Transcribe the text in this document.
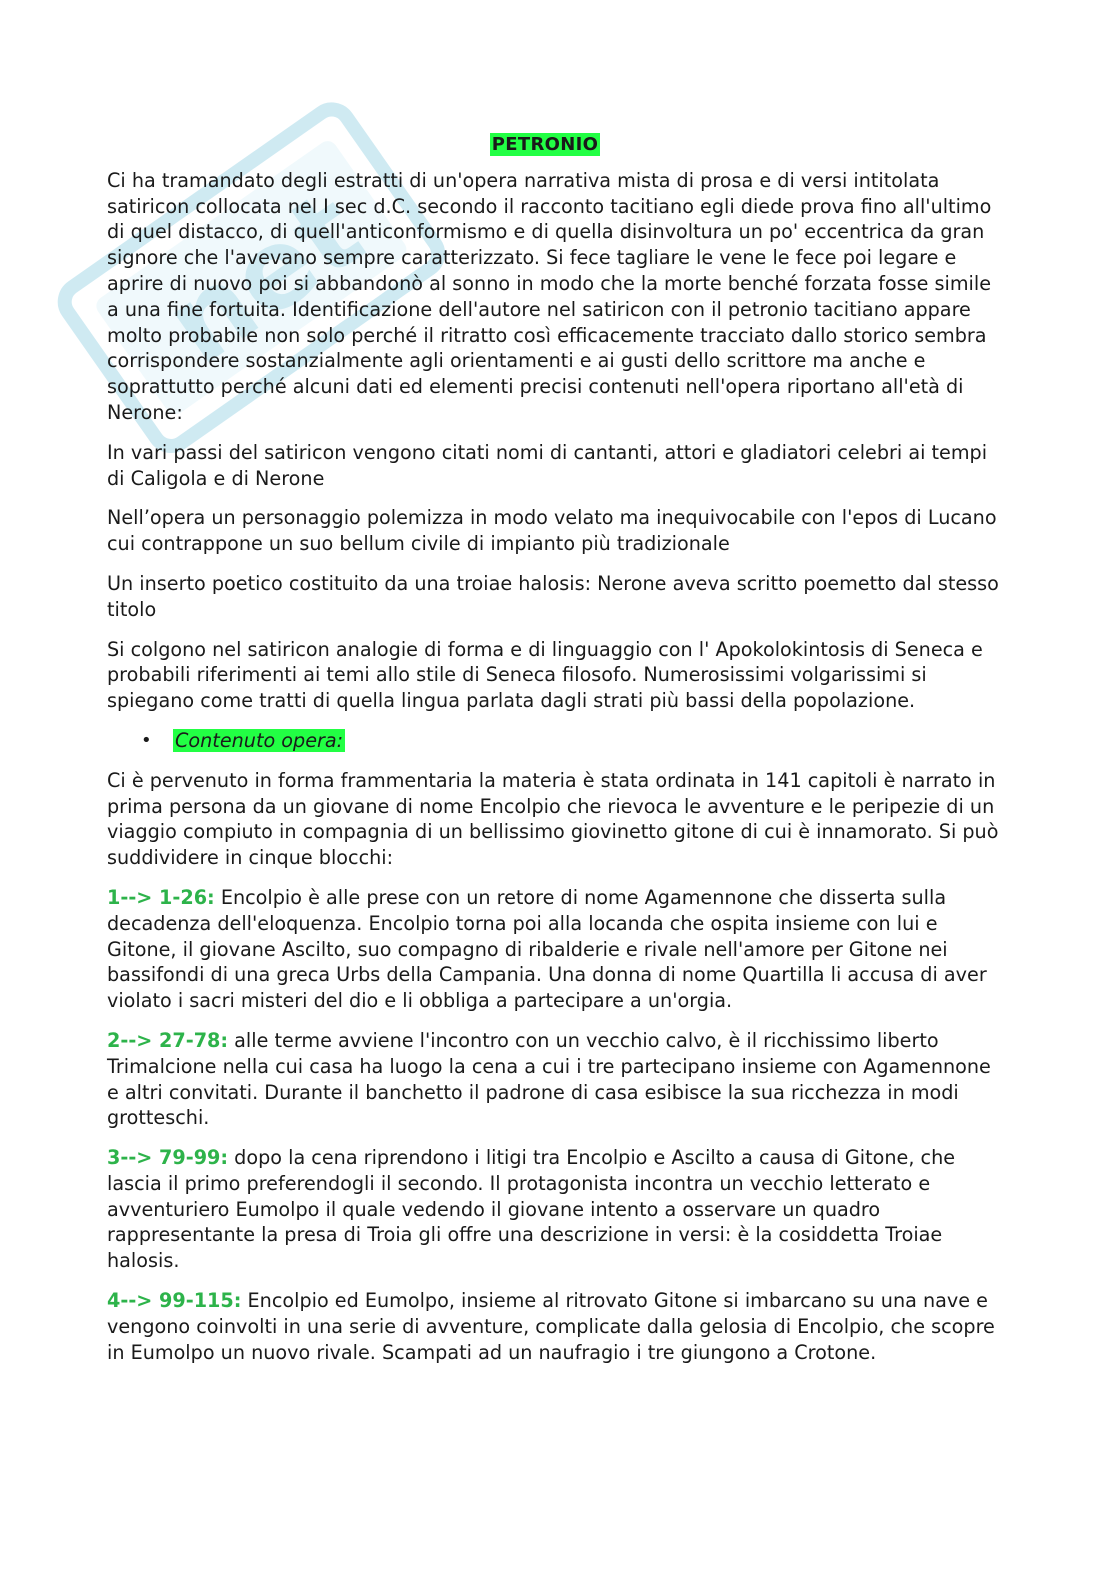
net
PETRONIO

Ci ha tramandato degli estratti di un'opera narrativa mista di prosa e di versi intitolata satiricon collocata nel I sec d.C. secondo il racconto tacitiano egli diede prova fino all'ultimo di quel distacco, di quell'anticonformismo e di quella disinvoltura un po' eccentrica da gran signore che l'avevano sempre caratterizzato. Si fece tagliare le vene le fece poi legare e aprire di nuovo poi si abbandonò al sonno in modo che la morte benché forzata fosse simile a una fine fortuita. Identificazione dell'autore nel satiricon con il petronio tacitiano appare molto probabile non solo perché il ritratto così efficacemente tracciato dallo storico sembra corrispondere sostanzialmente agli orientamenti e ai gusti dello scrittore ma anche e soprattutto perché alcuni dati ed elementi precisi contenuti nell'opera riportano all'età di Nerone:

In vari passi del satiricon vengono citati nomi di cantanti, attori e gladiatori celebri ai tempi di Caligola e di Nerone

Nell’opera un personaggio polemizza in modo velato ma inequivocabile con l'epos di Lucano cui contrappone un suo bellum civile di impianto più tradizionale

Un inserto poetico costituito da una troiae halosis: Nerone aveva scritto poemetto dal stesso titolo

Si colgono nel satiricon analogie di forma e di linguaggio con l' Apokolokintosis di Seneca e probabili riferimenti ai temi allo stile di Seneca filosofo. Numerosissimi volgarissimi si spiegano come tratti di quella lingua parlata dagli strati più bassi della popolazione.

• Contenuto opera:

Ci è pervenuto in forma frammentaria la materia è stata ordinata in 141 capitoli è narrato in prima persona da un giovane di nome Encolpio che rievoca le avventure e le peripezie di un viaggio compiuto in compagnia di un bellissimo giovinetto gitone di cui è innamorato. Si può suddividere in cinque blocchi:

1--> 1-26: Encolpio è alle prese con un retore di nome Agamennone che disserta sulla decadenza dell'eloquenza. Encolpio torna poi alla locanda che ospita insieme con lui e Gitone, il giovane Ascilto, suo compagno di ribalderie e rivale nell'amore per Gitone nei bassifondi di una greca Urbs della Campania. Una donna di nome Quartilla li accusa di aver violato i sacri misteri del dio e li obbliga a partecipare a un'orgia.

2--> 27-78: alle terme avviene l'incontro con un vecchio calvo, è il ricchissimo liberto Trimalcione nella cui casa ha luogo la cena a cui i tre partecipano insieme con Agamennone e altri convitati. Durante il banchetto il padrone di casa esibisce la sua ricchezza in modi grotteschi.

3--> 79-99: dopo la cena riprendono i litigi tra Encolpio e Ascilto a causa di Gitone, che lascia il primo preferendogli il secondo. Il protagonista incontra un vecchio letterato e avventuriero Eumolpo il quale vedendo il giovane intento a osservare un quadro rappresentante la presa di Troia gli offre una descrizione in versi: è la cosiddetta Troiae halosis.

4--> 99-115: Encolpio ed Eumolpo, insieme al ritrovato Gitone si imbarcano su una nave e vengono coinvolti in una serie di avventure, complicate dalla gelosia di Encolpio, che scopre in Eumolpo un nuovo rivale. Scampati ad un naufragio i tre giungono a Crotone.
